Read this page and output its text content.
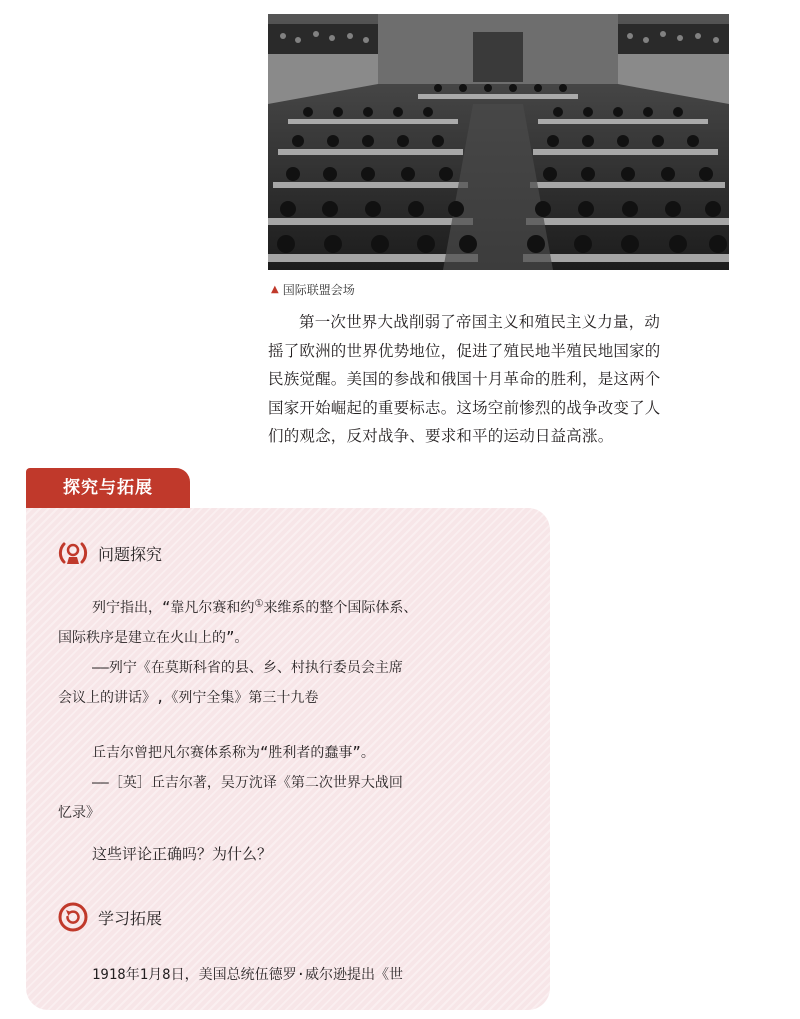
▲ 国际联盟会场
第一次世界大战削弱了帝国主义和殖民主义力量，动
摇了欧洲的世界优势地位，促进了殖民地半殖民地国家的
民族觉醒。美国的参战和俄国十月革命的胜利，是这两个
国家开始崛起的重要标志。这场空前惨烈的战争改变了人
们的观念，反对战争、要求和平的运动日益高涨。
探究与拓展
问题探究
列宁指出，“靠凡尔赛和约①来维系的整个国际体系、
国际秩序是建立在火山上的”。
——列宁《在莫斯科省的县、乡、村执行委员会主席
会议上的讲话》,《列宁全集》第三十九卷
丘吉尔曾把凡尔赛体系称为“胜利者的蠢事”。
——［英］丘吉尔著，吴万沈译《第二次世界大战回
忆录》
这些评论正确吗？为什么？
学习拓展
1918年1月8日，美国总统伍德罗·威尔逊提出《世
